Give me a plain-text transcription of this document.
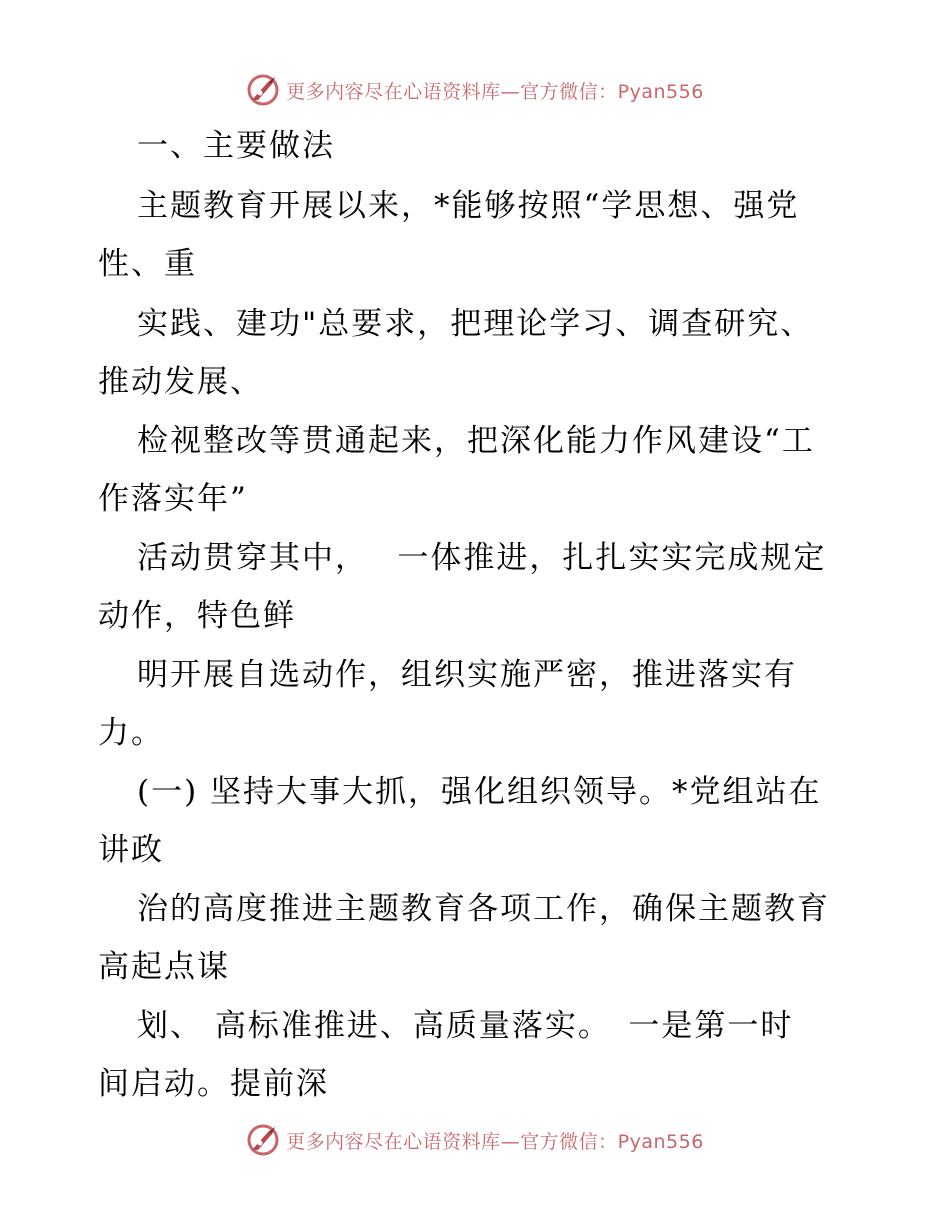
更多内容尽在心语资料库—官方微信：Pyan556
一、主要做法
主题教育开展以来，*能够按照“学思想、强党
性、重
实践、建功"总要求，把理论学习、调查研究、
推动发展、
检视整改等贯通起来，把深化能力作风建设“工
作落实年”
活动贯穿其中，　 一体推进，扎扎实实完成规定
动作，特色鲜
明开展自选动作，组织实施严密，推进落实有
力。
(一) 坚持大事大抓，强化组织领导。*党组站在
讲政
治的高度推进主题教育各项工作，确保主题教育
高起点谋
划、 高标准推进、高质量落实。　一是第一时
间启动。提前深
更多内容尽在心语资料库—官方微信：Pyan556
